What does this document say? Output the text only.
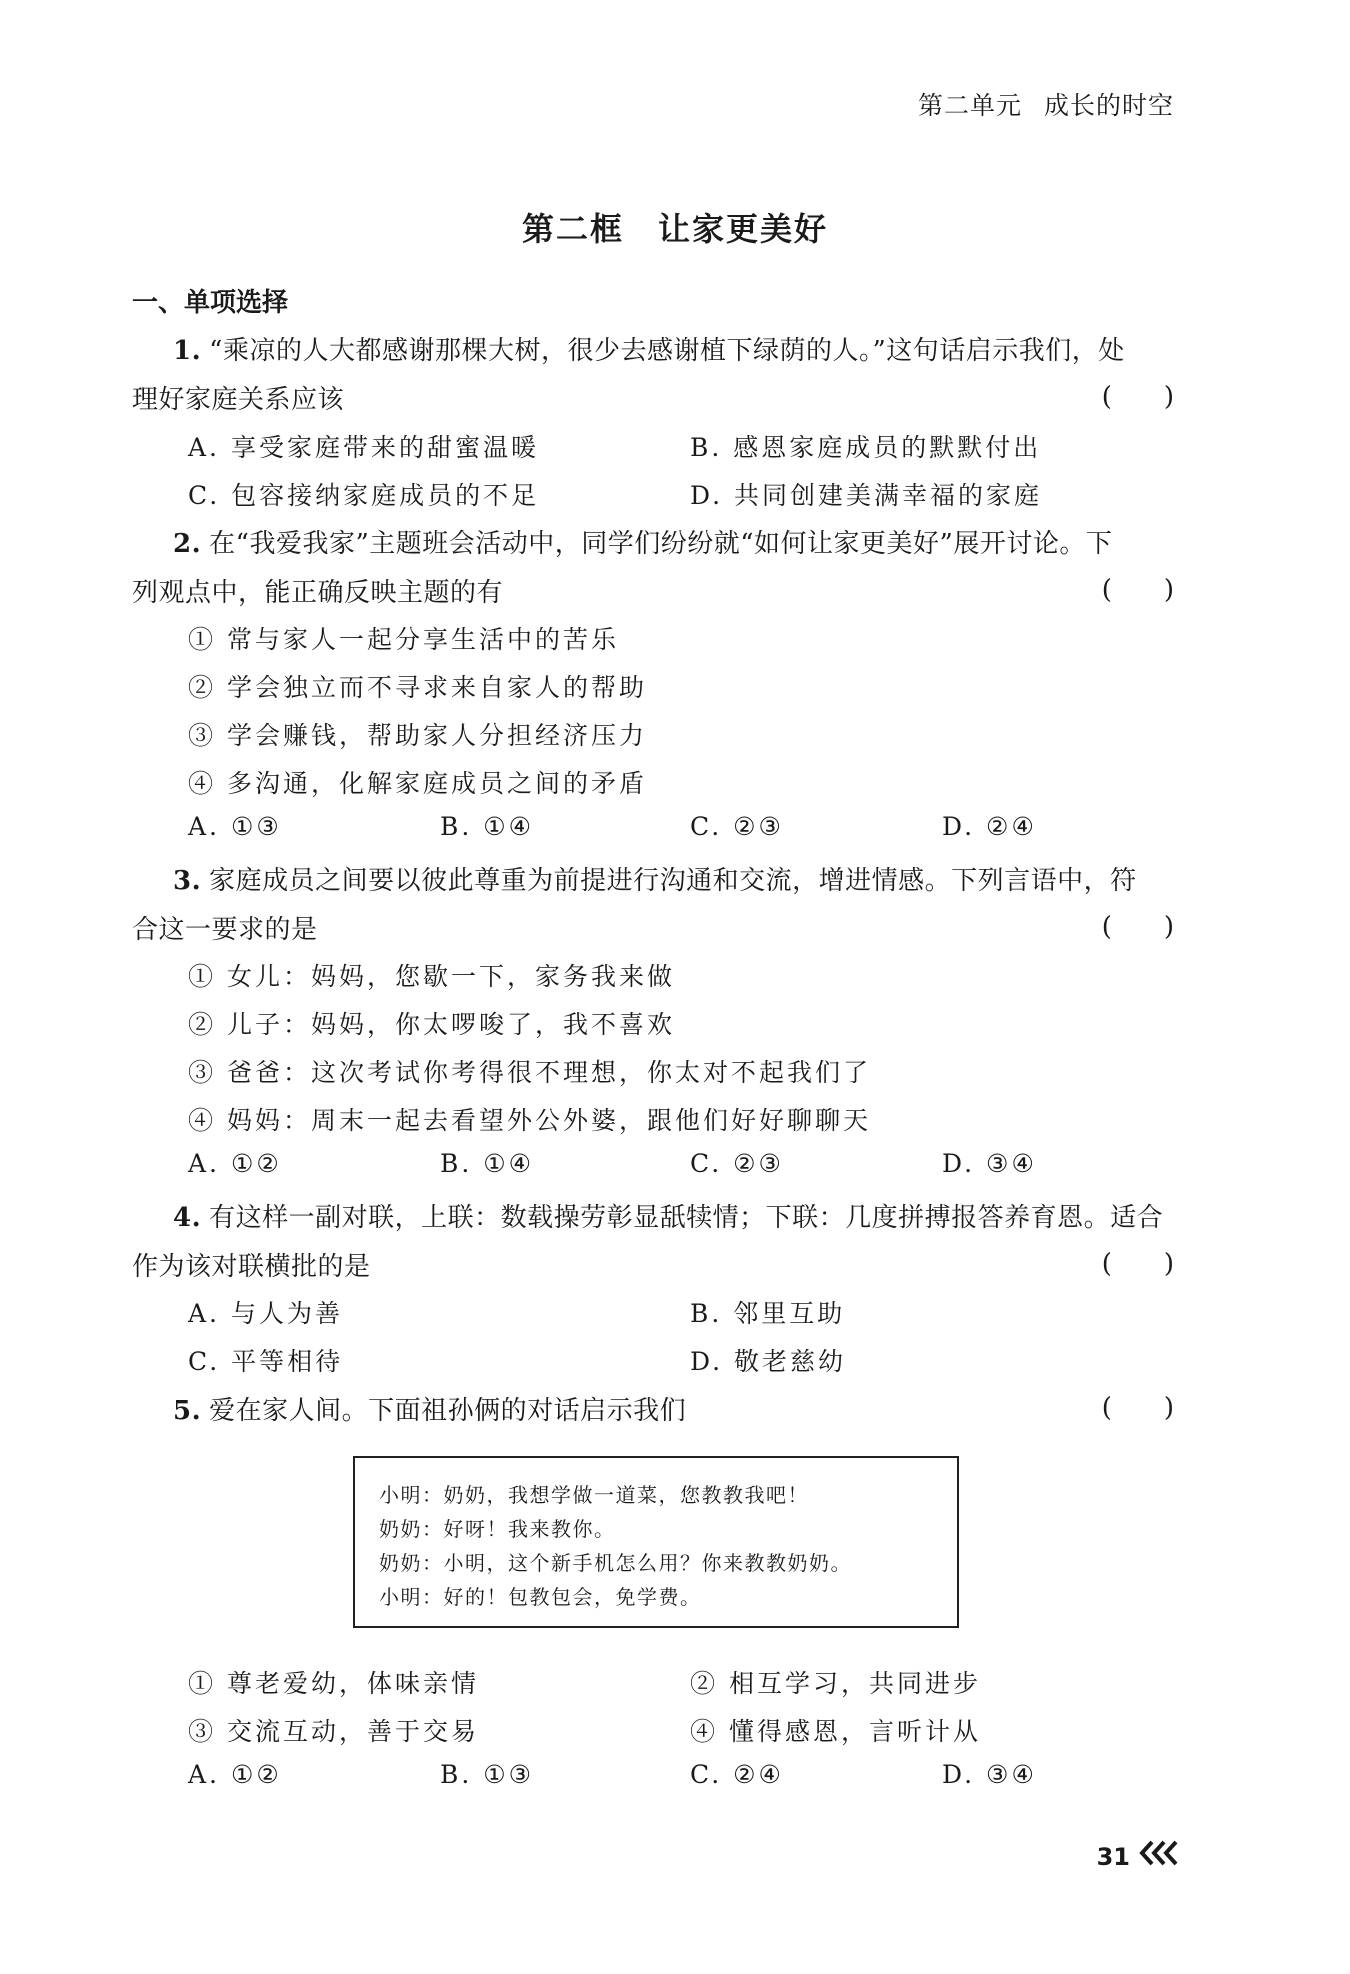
第二单元 成长的时空
第二框　让家更美好
一、单项选择
1. “乘凉的人大都感谢那棵大树，很少去感谢植下绿荫的人。”这句话启示我们，处
理好家庭关系应该	(　　)
A. 享受家庭带来的甜蜜温暖	B. 感恩家庭成员的默默付出
C. 包容接纳家庭成员的不足	D. 共同创建美满幸福的家庭
2. 在“我爱我家”主题班会活动中，同学们纷纷就“如何让家更美好”展开讨论。下
列观点中，能正确反映主题的有	(　　)
① 常与家人一起分享生活中的苦乐
② 学会独立而不寻求来自家人的帮助
③ 学会赚钱，帮助家人分担经济压力
④ 多沟通，化解家庭成员之间的矛盾
A. ①③	B. ①④	C. ②③	D. ②④
3. 家庭成员之间要以彼此尊重为前提进行沟通和交流，增进情感。下列言语中，符
合这一要求的是	(　　)
① 女儿：妈妈，您歇一下，家务我来做
② 儿子：妈妈，你太啰唆了，我不喜欢
③ 爸爸：这次考试你考得很不理想，你太对不起我们了
④ 妈妈：周末一起去看望外公外婆，跟他们好好聊聊天
A. ①②	B. ①④	C. ②③	D. ③④
4. 有这样一副对联，上联：数载操劳彰显舐犊情；下联：几度拼搏报答养育恩。适合
作为该对联横批的是	(　　)
A. 与人为善	B. 邻里互助
C. 平等相待	D. 敬老慈幼
5. 爱在家人间。下面祖孙俩的对话启示我们	(　　)
小明：奶奶，我想学做一道菜，您教教我吧！
奶奶：好呀！我来教你。
奶奶：小明，这个新手机怎么用？你来教教奶奶。
小明：好的！包教包会，免学费。
① 尊老爱幼，体味亲情	② 相互学习，共同进步
③ 交流互动，善于交易	④ 懂得感恩，言听计从
A. ①②	B. ①③	C. ②④	D. ③④
31
